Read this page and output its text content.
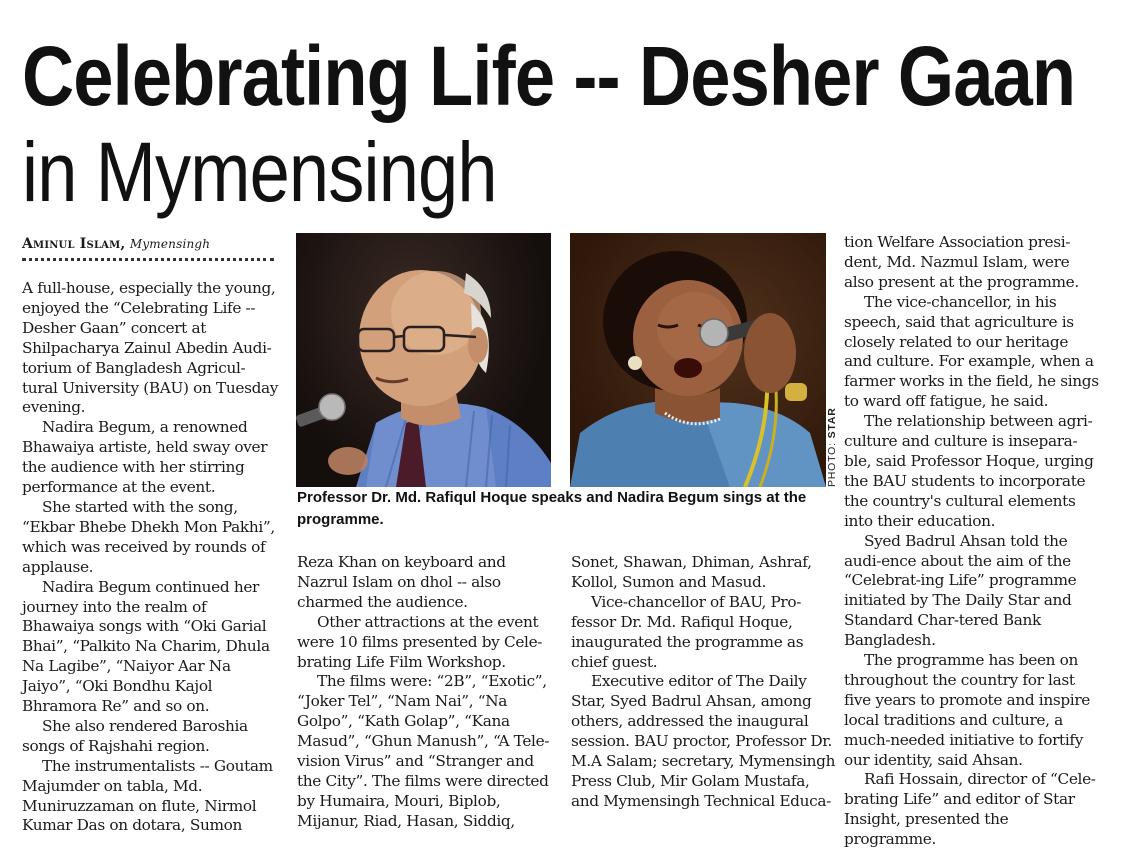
Celebrating Life -- Desher Gaan
in Mymensingh
Aminul Islam, Mymensingh

A full-house, especially the young, enjoyed the “Celebrating Life -- Desher Gaan” concert at Shilpacharya Zainul Abedin Audi-torium of Bangladesh Agricul-tural University (BAU) on Tuesday evening.

Nadira Begum, a renowned Bhawaiya artiste, held sway over the audience with her stirring performance at the event.

She started with the song, “Ekbar Bhebe Dhekh Mon Pakhi”, which was received by rounds of applause.

Nadira Begum continued her journey into the realm of Bhawaiya songs with “Oki Garial Bhai”, “Palkito Na Charim, Dhula Na Lagibe”, “Naiyor Aar Na Jaiyo”, “Oki Bondhu Kajol Bhramora Re” and so on.

She also rendered Baroshia songs of Rajshahi region.

The instrumentalists -- Goutam Majumder on tabla, Md. Muniruzzaman on flute, Nirmol Kumar Das on dotara, Sumon

PHOTO: STAR
Professor Dr. Md. Rafiqul Hoque speaks and Nadira Begum sings at the programme.

Reza Khan on keyboard and Nazrul Islam on dhol -- also charmed the audience.

Other attractions at the event were 10 films presented by Cele-brating Life Film Workshop.

The films were: “2B”, “Exotic”, “Joker Tel”, “Nam Nai”, “Na Golpo”, “Kath Golap”, “Kana Masud”, “Ghun Manush”, “A Tele-vision Virus” and “Stranger and the City”. The films were directed by Humaira, Mouri, Biplob, Mijanur, Riad, Hasan, Siddiq,

Sonet, Shawan, Dhiman, Ashraf, Kollol, Sumon and Masud.

Vice-chancellor of BAU, Pro-fessor Dr. Md. Rafiqul Hoque, inaugurated the programme as chief guest.

Executive editor of The Daily Star, Syed Badrul Ahsan, among others, addressed the inaugural session. BAU proctor, Professor Dr. M.A Salam; secretary, Mymensingh Press Club, Mir Golam Mustafa, and Mymensingh Technical Educa-

tion Welfare Association presi-dent, Md. Nazmul Islam, were also present at the programme.

The vice-chancellor, in his speech, said that agriculture is closely related to our heritage and culture. For example, when a farmer works in the field, he sings to ward off fatigue, he said.

The relationship between agri-culture and culture is insepara-ble, said Professor Hoque, urging the BAU students to incorporate the country's cultural elements into their education.

Syed Badrul Ahsan told the audi-ence about the aim of the “Celebrat-ing Life” programme initiated by The Daily Star and Standard Char-tered Bank Bangladesh.

The programme has been on throughout the country for last five years to promote and inspire local traditions and culture, a much-needed initiative to fortify our identity, said Ahsan.

Rafi Hossain, director of “Cele-brating Life” and editor of Star Insight, presented the programme.
